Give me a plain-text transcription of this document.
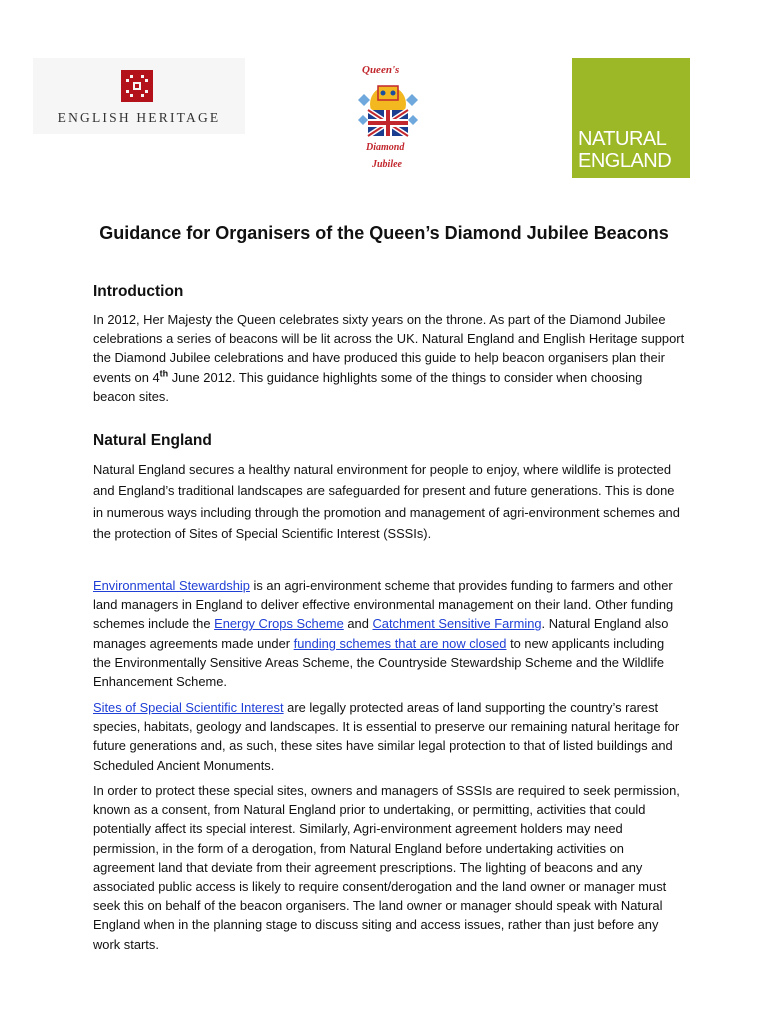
ENGLISH HERITAGE
Queen's
Diamond
Jubilee
NATURAL
ENGLAND
Guidance for Organisers of the Queen’s Diamond Jubilee Beacons
Introduction

In 2012, Her Majesty the Queen celebrates sixty years on the throne. As part of the Diamond Jubilee celebrations a series of beacons will be lit across the UK. Natural England and English Heritage support the Diamond Jubilee celebrations and have produced this guide to help beacon organisers plan their events on 4th June 2012. This guidance highlights some of the things to consider when choosing beacon sites.

Natural England

Natural England secures a healthy natural environment for people to enjoy, where wildlife is protected and England’s traditional landscapes are safeguarded for present and future generations. This is done in numerous ways including through the promotion and management of agri-environment schemes and the protection of Sites of Special Scientific Interest (SSSIs).

Environmental Stewardship is an agri-environment scheme that provides funding to farmers and other land managers in England to deliver effective environmental management on their land. Other funding schemes include the Energy Crops Scheme and Catchment Sensitive Farming. Natural England also manages agreements made under funding schemes that are now closed to new applicants including the Environmentally Sensitive Areas Scheme, the Countryside Stewardship Scheme and the Wildlife Enhancement Scheme.

Sites of Special Scientific Interest are legally protected areas of land supporting the country’s rarest species, habitats, geology and landscapes. It is essential to preserve our remaining natural heritage for future generations and, as such, these sites have similar legal protection to that of listed buildings and Scheduled Ancient Monuments.

In order to protect these special sites, owners and managers of SSSIs are required to seek permission, known as a consent, from Natural England prior to undertaking, or permitting, activities that could potentially affect its special interest. Similarly, Agri-environment agreement holders may need permission, in the form of a derogation, from Natural England before undertaking activities on agreement land that deviate from their agreement prescriptions. The lighting of beacons and any associated public access is likely to require consent/derogation and the land owner or manager must seek this on behalf of the beacon organisers. The land owner or manager should speak with Natural England when in the planning stage to discuss siting and access issues, rather than just before any work starts.
